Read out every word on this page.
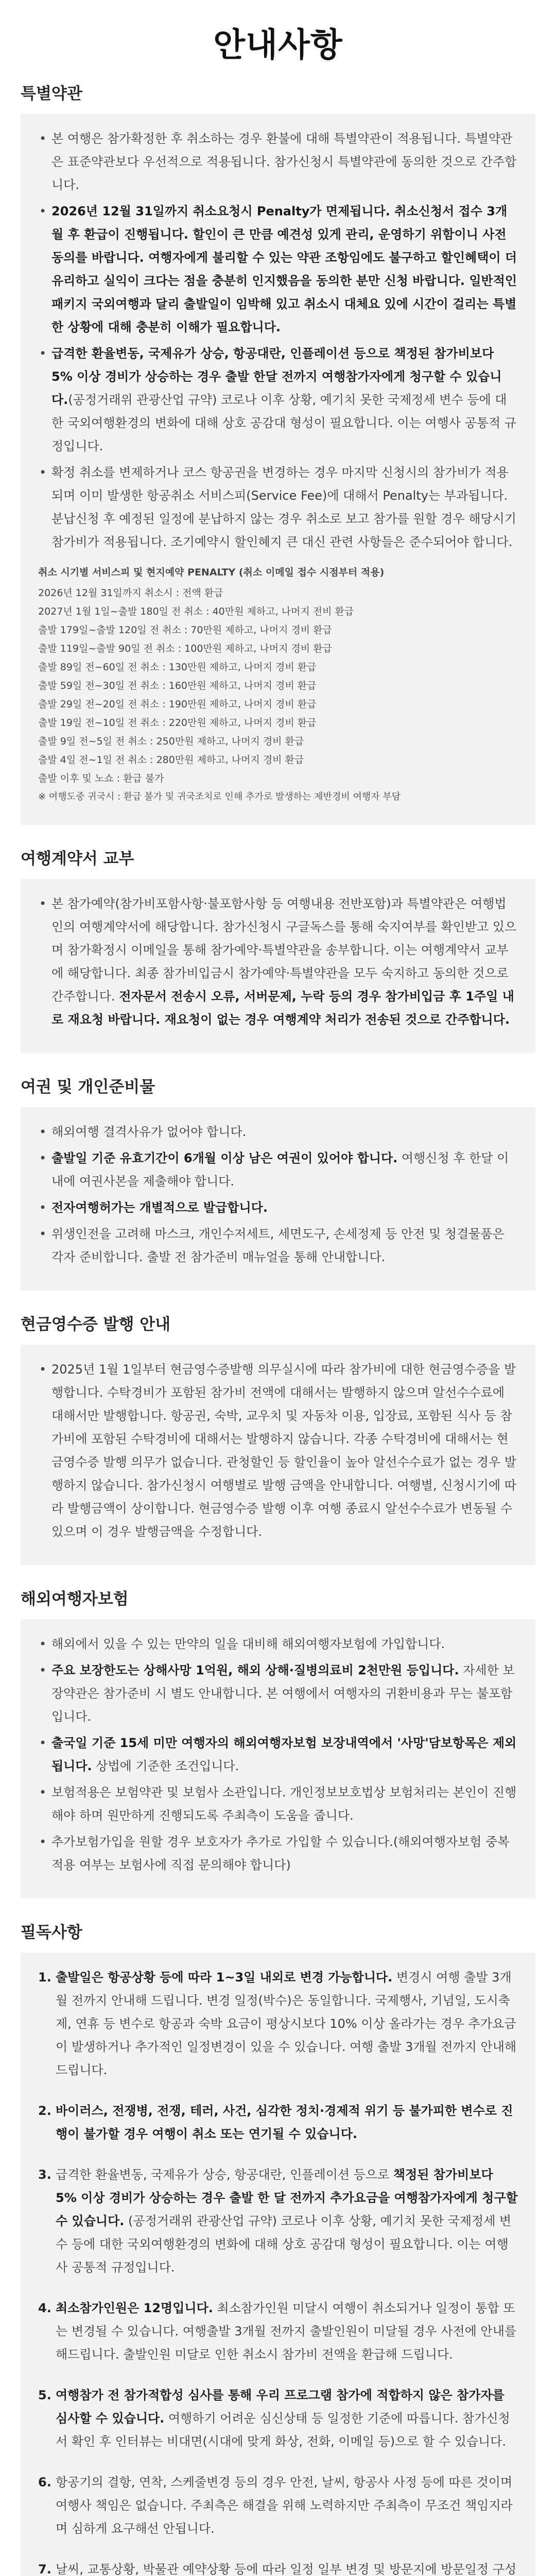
안내사항
특별약관
• 본 여행은 참가확정한 후 취소하는 경우 환불에 대해 특별약관이 적용됩니다. 특별약관은 표준약관보다 우선적으로 적용됩니다. 참가신청시 특별약관에 동의한 것으로 간주합니다.
• 2026년 12월 31일까지 취소요청시 Penalty가 면제됩니다. 취소신청서 접수 3개월 후 환급이 진행됩니다. 할인이 큰 만큼 예견성 있게 관리, 운영하기 위함이니 사전동의를 바랍니다. 여행자에게 불리할 수 있는 약관 조항임에도 불구하고 할인혜택이 더 유리하고 실익이 크다는 점을 충분히 인지했음을 동의한 분만 신청 바랍니다. 일반적인 패키지 국외여행과 달리 출발일이 임박해 있고 취소시 대체요 있에 시간이 걸리는 특별한 상황에 대해 충분히 이해가 필요합니다.
• 급격한 환율변동, 국제유가 상승, 항공대란, 인플레이션 등으로 책정된 참가비보다 5% 이상 경비가 상승하는 경우 출발 한달 전까지 여행참가자에게 청구할 수 있습니다.(공정거래위 관광산업 규약) 코로나 이후 상황, 예기치 못한 국제정세 변수 등에 대한 국외여행환경의 변화에 대해 상호 공감대 형성이 필요합니다. 이는 여행사 공통적 규정입니다.
• 확정 취소를 변제하거나 코스 항공권을 변경하는 경우 마지막 신청시의 참가비가 적용되며 이미 발생한 항공취소 서비스피(Service Fee)에 대해서 Penalty는 부과됩니다. 분납신청 후 예정된 일정에 분납하지 않는 경우 취소로 보고 참가를 원할 경우 해당시기 참가비가 적용됩니다. 조기예약시 할인혜지 큰 대신 관련 사항들은 준수되어야 합니다.
취소 시기별 서비스피 및 현지예약 PENALTY (취소 이메일 접수 시점부터 적용)
2026년 12월 31일까지 취소시 : 전액 환급
2027년 1월 1일~출발 180일 전 취소 : 40만원 제하고, 나머지 전비 환급
출발 179일~출발 120일 전 취소 : 70만원 제하고, 나머지 경비 환급
출발 119일~출발 90일 전 취소 : 100만원 제하고, 나머지 경비 환급
출발 89일 전~60일 전 취소 : 130만원 제하고, 나머지 경비 환급
출발 59일 전~30일 전 취소 : 160만원 제하고, 나머지 경비 환급
출발 29일 전~20일 전 취소 : 190만원 제하고, 나머지 경비 환급
출발 19일 전~10일 전 취소 : 220만원 제하고, 나머지 경비 환급
출발 9일 전~5일 전 취소 : 250만원 제하고, 나머지 경비 환급
출발 4일 전~1일 전 취소 : 280만원 제하고, 나머지 경비 환급
출발 이후 및 노쇼 : 환급 불가
※ 여행도중 귀국시 : 환급 불가 및 귀국조치로 인해 추가로 발생하는 제반경비 여행자 부담
여행계약서 교부
• 본 참가예약(참가비포함사항·불포함사항 등 여행내용 전반포함)과 특별약관은 여행법인의 여행계약서에 해당합니다. 참가신청시 구글독스를 통해 숙지여부를 확인받고 있으며 참가확정시 이메일을 통해 참가예약·특별약관을 송부합니다. 이는 여행계약서 교부에 해당합니다. 최종 참가비입금시 참가예약·특별약관을 모두 숙지하고 동의한 것으로 간주합니다. 전자문서 전송시 오류, 서버문제, 누락 등의 경우 참가비입금 후 1주일 내로 재요청 바랍니다. 재요청이 없는 경우 여행계약 처리가 전송된 것으로 간주합니다.
여권 및 개인준비물
• 해외여행 결격사유가 없어야 합니다.
• 출발일 기준 유효기간이 6개월 이상 남은 여권이 있어야 합니다. 여행신청 후 한달 이내에 여권사본을 제출해야 합니다.
• 전자여행허가는 개별적으로 발급합니다.
• 위생인전을 고려해 마스크, 개인수저세트, 세면도구, 손세정제 등 안전 및 청결물품은 각자 준비합니다. 출발 전 참가준비 매뉴얼을 통해 안내합니다.
현금영수증 발행 안내
• 2025년 1월 1일부터 현금영수증발행 의무실시에 따라 참가비에 대한 현금영수증을 발행합니다. 수탁경비가 포함된 참가비 전액에 대해서는 발행하지 않으며 알선수수료에 대해서만 발행합니다. 항공권, 숙박, 교우치 및 자동차 이용, 입장료, 포함된 식사 등 참가비에 포함된 수탁경비에 대해서는 발행하지 않습니다. 각종 수탁경비에 대해서는 현금영수증 발행 의무가 없습니다. 관청할인 등 할인율이 높아 알선수수료가 없는 경우 발행하지 않습니다. 참가신청시 여행별로 발행 금액을 안내합니다. 여행별, 신청시기에 따라 발행금액이 상이합니다. 현금영수증 발행 이후 여행 종료시 알선수수료가 변동될 수 있으며 이 경우 발행금액을 수정합니다.
해외여행자보험
• 해외에서 있을 수 있는 만약의 일을 대비해 해외여행자보험에 가입합니다.
• 주요 보장한도는 상해사망 1억원, 해외 상해·질병의료비 2천만원 등입니다. 자세한 보장약관은 참가준비 시 별도 안내합니다. 본 여행에서 여행자의 귀환비용과 무는 불포함입니다.
• 출국일 기준 15세 미만 여행자의 해외여행자보험 보장내역에서 '사망'담보항목은 제외됩니다. 상법에 기준한 조건입니다.
• 보험적용은 보험약관 및 보험사 소관입니다. 개인정보보호법상 보험처리는 본인이 진행해야 하며 원만하게 진행되도록 주최측이 도움을 줍니다.
• 추가보험가입을 원할 경우 보호자가 추가로 가입할 수 있습니다.(해외여행자보험 중복적용 여부는 보험사에 직접 문의해야 합니다)
필독사항
1. 출발일은 항공상황 등에 따라 1~3일 내외로 변경 가능합니다. 변경시 여행 출발 3개월 전까지 안내해 드립니다. 변경 일정(박수)은 동일합니다. 국제행사, 기념일, 도시축제, 연휴 등 변수로 항공과 숙박 요금이 평상시보다 10% 이상 올라가는 경우 추가요금이 발생하거나 추가적인 일정변경이 있을 수 있습니다. 여행 출발 3개월 전까지 안내해 드립니다.
2. 바이러스, 전쟁병, 전쟁, 테러, 사건, 심각한 정치·경제적 위기 등 불가피한 변수로 진행이 불가할 경우 여행이 취소 또는 연기될 수 있습니다.
3. 급격한 환율변동, 국제유가 상승, 항공대란, 인플레이션 등으로 책정된 참가비보다 5% 이상 경비가 상승하는 경우 출발 한 달 전까지 추가요금을 여행참가자에게 청구할 수 있습니다. (공정거래위 관광산업 규약) 코로나 이후 상황, 예기치 못한 국제정세 변수 등에 대한 국외여행환경의 변화에 대해 상호 공감대 형성이 필요합니다. 이는 여행사 공통적 규정입니다.
4. 최소참가인원은 12명입니다. 최소참가인원 미달시 여행이 취소되거나 일정이 통합 또는 변경될 수 있습니다. 여행출발 3개월 전까지 출발인원이 미달될 경우 사전에 안내를 해드립니다. 출발인원 미달로 인한 취소시 참가비 전액을 환급해 드립니다.
5. 여행참가 전 참가적합성 심사를 통해 우리 프로그램 참가에 적합하지 않은 참가자를 심사할 수 있습니다. 여행하기 어려운 심신상태 등 일정한 기준에 따릅니다. 참가신청서 확인 후 인터뷰는 비대면(시대에 맞게 화상, 전화, 이메일 등)으로 할 수 있습니다.
6. 항공기의 결항, 연착, 스케줄변경 등의 경우 안전, 날씨, 항공사 사정 등에 따른 것이며 여행사 책임은 없습니다. 주최측은 해결을 위해 노력하지만 주최측이 무조건 책임지라며 심하게 요구해선 안됩니다.
7. 날씨, 교통상황, 박물관 예약상황 등에 따라 일정 일부 변경 및 방문지에 방문일정 구성
